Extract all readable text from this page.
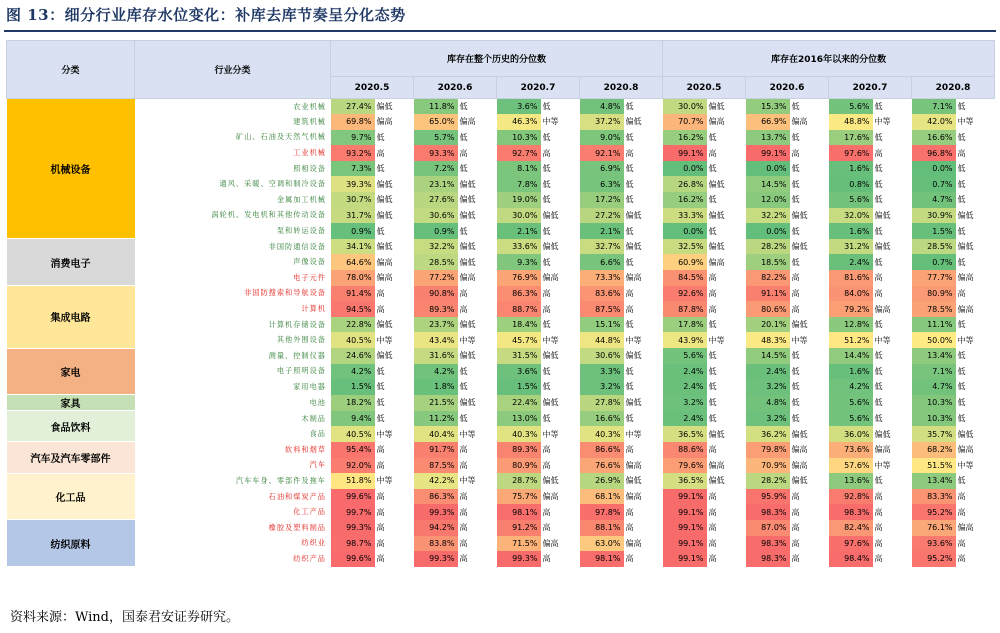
图 13：细分行业库存水位变化：补库去库节奏呈分化态势
分类	行业分类	库存在整个历史的分位数								库存在2016年以来的分位数							
		2020.5		2020.6		2020.7		2020.8		2020.5		2020.6		2020.7		2020.8	
机械设备	农业机械	27.4%	偏低	11.8%	低	3.6%	低	4.8%	低	30.0%	偏低	15.3%	低	5.6%	低	7.1%	低
	建筑机械	69.8%	偏高	65.0%	偏高	46.3%	中等	37.2%	偏低	70.7%	偏高	66.9%	偏高	48.8%	中等	42.0%	中等
	矿山、石油及天然气机械	9.7%	低	5.7%	低	10.3%	低	9.0%	低	16.2%	低	13.7%	低	17.6%	低	16.6%	低
	工业机械	93.2%	高	93.3%	高	92.7%	高	92.1%	高	99.1%	高	99.1%	高	97.6%	高	96.8%	高
	照相设备	7.3%	低	7.2%	低	8.1%	低	6.9%	低	0.0%	低	0.0%	低	1.6%	低	0.0%	低
	通风、采暖、空调和制冷设备	39.3%	偏低	23.1%	偏低	7.8%	低	6.3%	低	26.8%	偏低	14.5%	低	0.8%	低	0.7%	低
	金属加工机械	30.7%	偏低	27.6%	偏低	19.0%	低	17.2%	低	16.2%	低	12.0%	低	5.6%	低	4.7%	低
	涡轮机、发电机和其他传动设备	31.7%	偏低	30.6%	偏低	30.0%	偏低	27.2%	偏低	33.3%	偏低	32.2%	偏低	32.0%	偏低	30.9%	偏低
	泵和转运设备	0.9%	低	0.9%	低	2.1%	低	2.1%	低	0.0%	低	0.0%	低	1.6%	低	1.5%	低
消费电子	非国防通信设备	34.1%	偏低	32.2%	偏低	33.6%	偏低	32.7%	偏低	32.5%	偏低	28.2%	偏低	31.2%	偏低	28.5%	偏低
	声像设备	64.6%	偏高	28.5%	偏低	9.3%	低	6.6%	低	60.9%	偏高	18.5%	低	2.4%	低	0.7%	低
	电子元件	78.0%	偏高	77.2%	偏高	76.9%	偏高	73.3%	偏高	84.5%	高	82.2%	高	81.6%	高	77.7%	偏高
集成电路	非国防搜索和导航设备	91.4%	高	90.8%	高	86.3%	高	83.6%	高	92.6%	高	91.1%	高	84.0%	高	80.9%	高
	计算机	94.5%	高	89.3%	高	88.7%	高	87.5%	高	87.8%	高	80.6%	高	79.2%	偏高	78.5%	偏高
	计算机存储设备	22.8%	偏低	23.7%	偏低	18.4%	低	15.1%	低	17.8%	低	20.1%	偏低	12.8%	低	11.1%	低
	其他外围设备	40.5%	中等	43.4%	中等	45.7%	中等	44.8%	中等	43.9%	中等	48.3%	中等	51.2%	中等	50.0%	中等
家电	测量、控制仪器	24.6%	偏低	31.6%	偏低	31.5%	偏低	30.6%	偏低	5.6%	低	14.5%	低	14.4%	低	13.4%	低
	电子照明设备	4.2%	低	4.2%	低	3.6%	低	3.3%	低	2.4%	低	2.4%	低	1.6%	低	7.1%	低
	家用电器	1.5%	低	1.8%	低	1.5%	低	3.2%	低	2.4%	低	3.2%	低	4.2%	低	4.7%	低
家具	电池	18.2%	低	21.5%	偏低	22.4%	偏低	27.8%	偏低	3.2%	低	4.8%	低	5.6%	低	10.3%	低
食品饮料	木制品	9.4%	低	11.2%	低	13.0%	低	16.6%	低	2.4%	低	3.2%	低	5.6%	低	10.3%	低
	食品	40.5%	中等	40.4%	中等	40.3%	中等	40.3%	中等	36.5%	偏低	36.2%	偏低	36.0%	偏低	35.7%	偏低
汽车及汽车零部件	软料和烟草	95.4%	高	91.7%	高	89.3%	高	86.6%	高	88.6%	高	79.8%	偏高	73.6%	偏高	68.2%	偏高
	汽车	92.0%	高	87.5%	高	80.9%	高	76.6%	偏高	79.6%	偏高	70.9%	偏高	57.6%	中等	51.5%	中等
化工品	汽车车身、零部件及拖车	51.8%	中等	42.2%	中等	28.7%	偏低	26.9%	偏低	36.5%	偏低	28.2%	偏低	13.6%	低	13.4%	低
	石油和煤炭产品	99.6%	高	86.3%	高	75.7%	偏高	68.1%	偏高	99.1%	高	95.9%	高	92.8%	高	83.3%	高
	化工产品	99.7%	高	99.3%	高	98.1%	高	97.8%	高	99.1%	高	98.3%	高	98.3%	高	95.2%	高
纺织原料	橡胶及塑料制品	99.3%	高	94.2%	高	91.2%	高	88.1%	高	99.1%	高	87.0%	高	82.4%	高	76.1%	偏高
	纺织业	98.7%	高	83.8%	高	71.5%	偏高	63.0%	偏高	99.1%	高	98.3%	高	97.6%	高	93.6%	高
	纺织产品	99.6%	高	99.3%	高	99.3%	高	98.1%	高	99.1%	高	98.3%	高	98.4%	高	95.2%	高
资料来源：Wind，国泰君安证券研究。
